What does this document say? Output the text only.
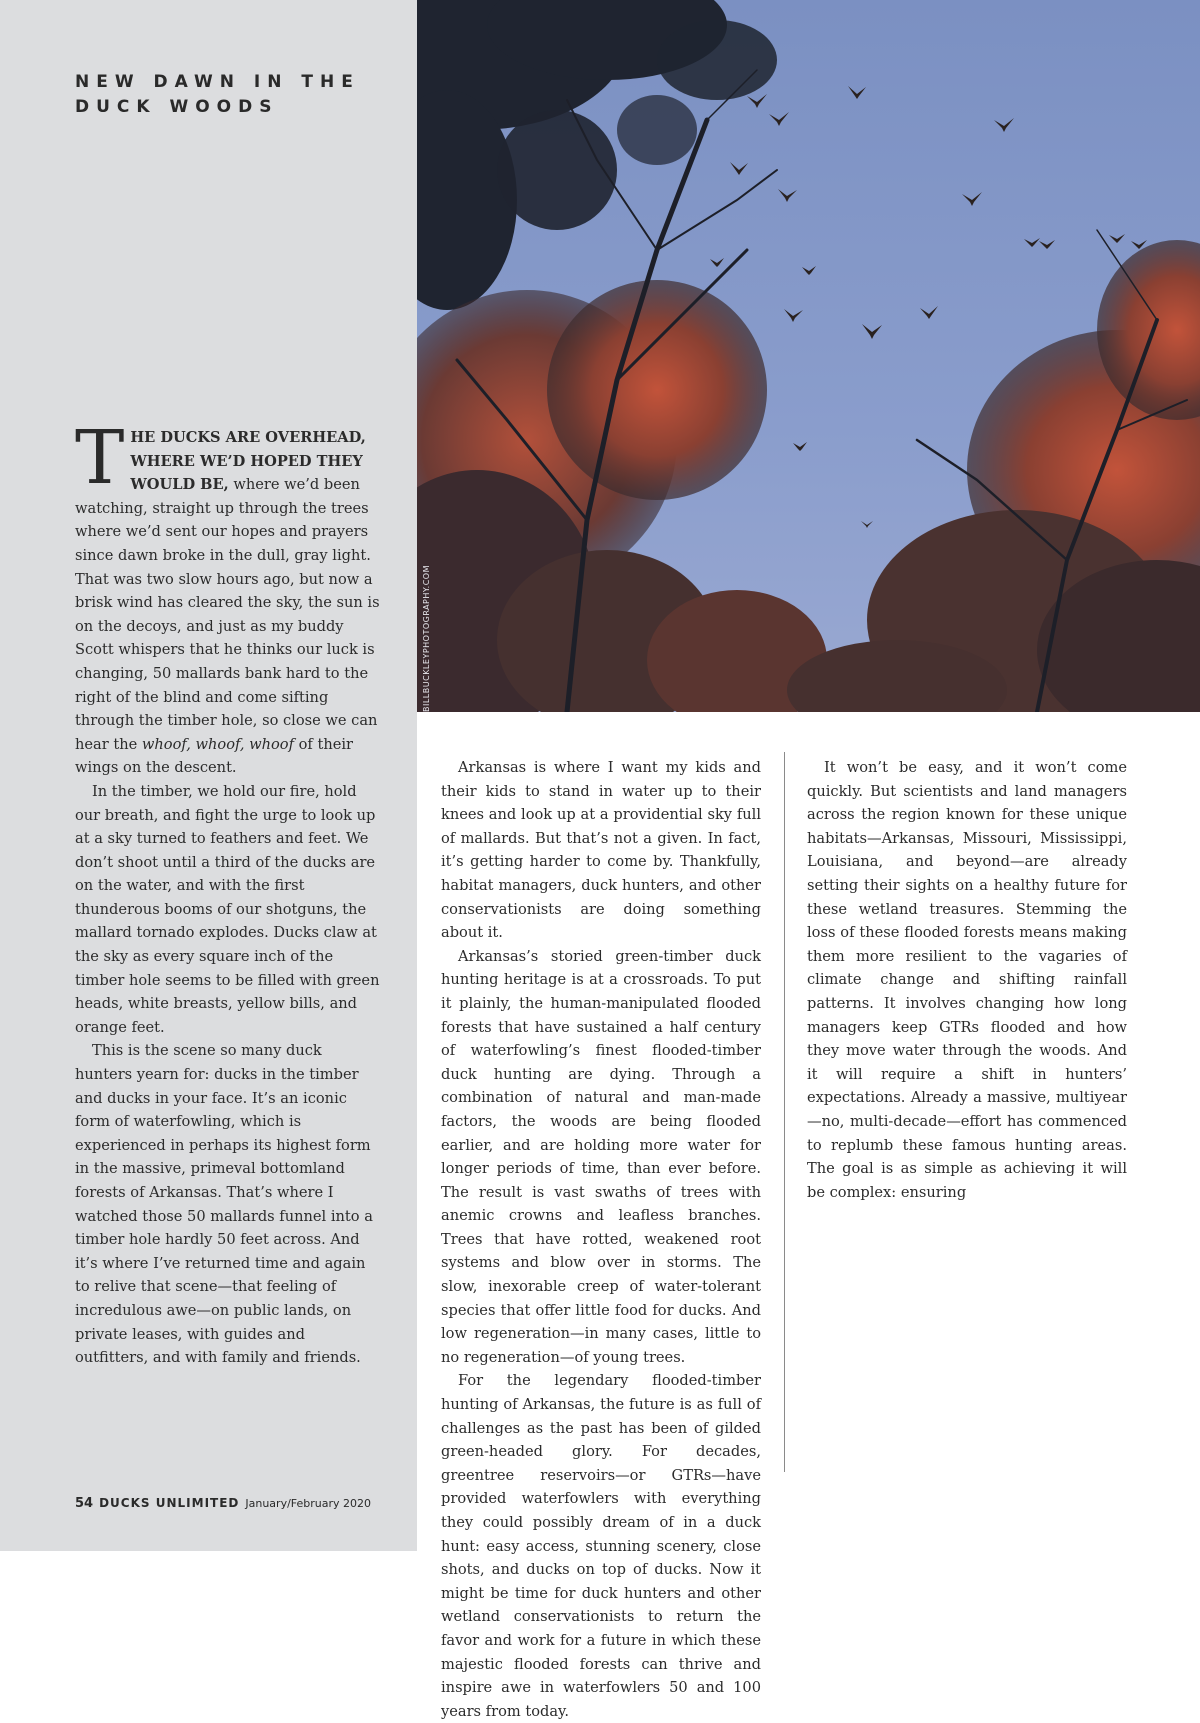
NEW DAWN IN THE
DUCK WOODS
BILLBUCKLEYPHOTOGRAPHY.COM

THE DUCKS ARE OVERHEAD, WHERE WE’D HOPED THEY WOULD BE, where we’d been watching, straight up through the trees where we’d sent our hopes and prayers since dawn broke in the dull, gray light. That was two slow hours ago, but now a brisk wind has cleared the sky, the sun is on the decoys, and just as my buddy Scott whispers that he thinks our luck is changing, 50 mallards bank hard to the right of the blind and come sifting through the timber hole, so close we can hear the whoof, whoof, whoof of their wings on the descent.

In the timber, we hold our fire, hold our breath, and fight the urge to look up at a sky turned to feathers and feet. We don’t shoot until a third of the ducks are on the water, and with the first thunderous booms of our shotguns, the mallard tornado explodes. Ducks claw at the sky as every square inch of the timber hole seems to be filled with green heads, white breasts, yellow bills, and orange feet.

This is the scene so many duck hunters yearn for: ducks in the timber and ducks in your face. It’s an iconic form of waterfowling, which is experienced in perhaps its highest form in the massive, primeval bottomland forests of Arkansas. That’s where I watched those 50 mallards funnel into a timber hole hardly 50 feet across. And it’s where I’ve returned time and again to relive that scene—that feeling of incredulous awe—on public lands, on private leases, with guides and outfitters, and with family and friends.

Arkansas is where I want my kids and their kids to stand in water up to their knees and look up at a providential sky full of mallards. But that’s not a given. In fact, it’s getting harder to come by. Thankfully, habitat managers, duck hunters, and other conservationists are doing something about it.

Arkansas’s storied green-timber duck hunting heritage is at a crossroads. To put it plainly, the human-manipulated flooded forests that have sustained a half century of waterfowling’s finest flooded-timber duck hunting are dying. Through a combination of natural and man-made factors, the woods are being flooded earlier, and are holding more water for longer periods of time, than ever before. The result is vast swaths of trees with anemic crowns and leafless branches. Trees that have rotted, weakened root systems and blow over in storms. The slow, inexorable creep of water-tolerant species that offer little food for ducks. And low regeneration—in many cases, little to no regeneration—of young trees.

For the legendary flooded-timber hunting of Arkansas, the future is as full of challenges as the past has been of gilded green-headed glory. For decades, greentree reservoirs—or GTRs—have provided waterfowlers with everything they could possibly dream of in a duck hunt: easy access, stunning scenery, close shots, and ducks on top of ducks. Now it might be time for duck hunters and other wetland conservationists to return the favor and work for a future in which these majestic flooded forests can thrive and inspire awe in waterfowlers 50 and 100 years from today.

It won’t be easy, and it won’t come quickly. But scientists and land managers across the region known for these unique habitats—Arkansas, Missouri, Mississippi, Louisiana, and beyond—are already setting their sights on a healthy future for these wetland treasures. Stemming the loss of these flooded forests means making them more resilient to the vagaries of climate change and shifting rainfall patterns. It involves changing how long managers keep GTRs flooded and how they move water through the woods. And it will require a shift in hunters’ expectations. Already a massive, multiyear—no, multi-decade—effort has commenced to replumb these famous hunting areas. The goal is as simple as achieving it will be complex: ensuring

54 DUCKS UNLIMITED January/February 2020
